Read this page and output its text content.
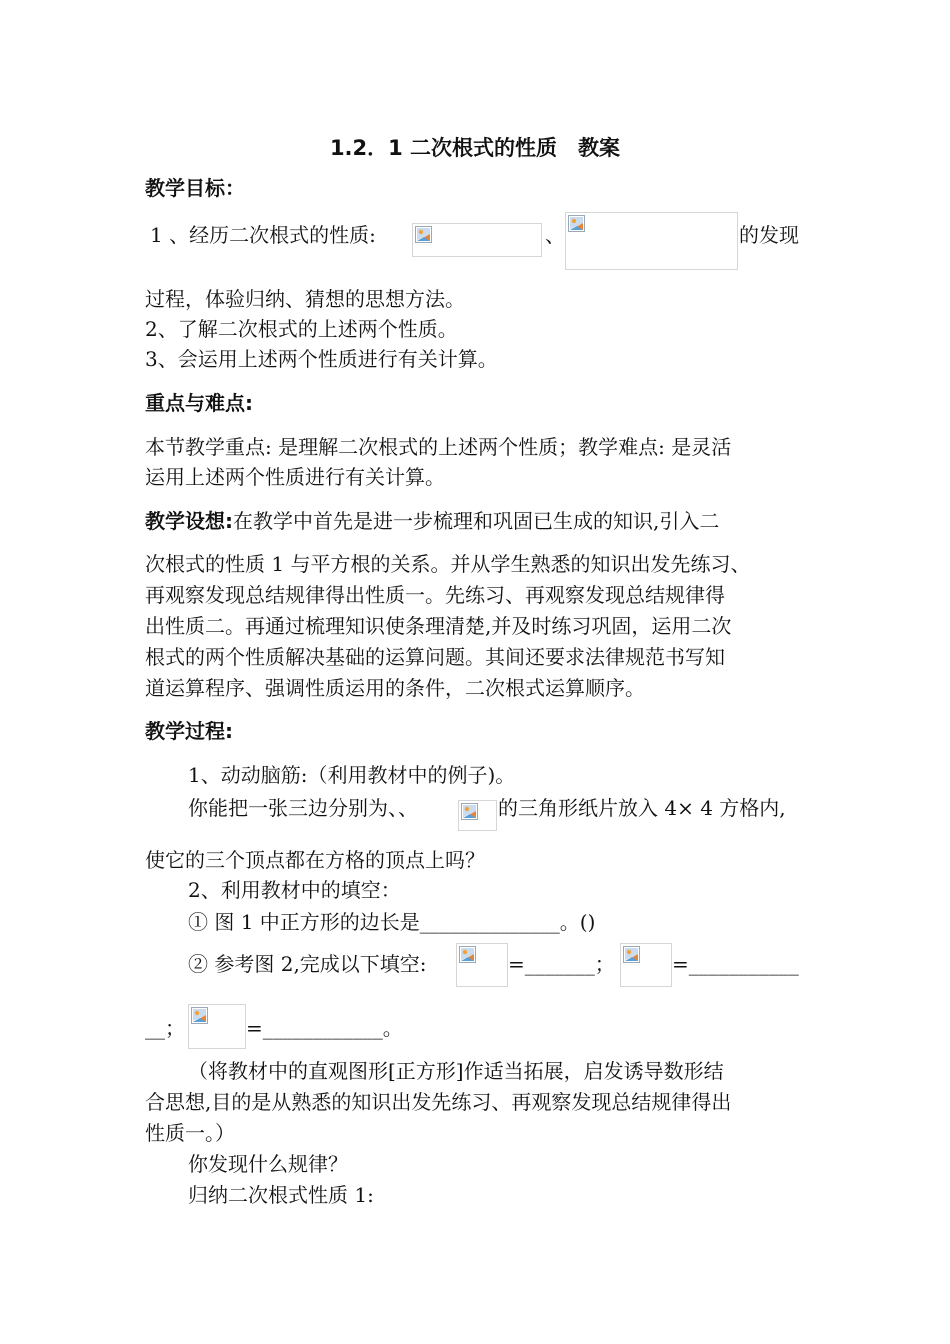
1.2．1 二次根式的性质　教案
教学目标：
1 、经历二次根式的性质:	、	的发现
过程，体验归纳、猜想的思想方法。
2、了解二次根式的上述两个性质。
3、会运用上述两个性质进行有关计算。
重点与难点:
本节教学重点: 是理解二次根式的上述两个性质；教学难点: 是灵活
运用上述两个性质进行有关计算。
教学设想:在教学中首先是进一步梳理和巩固已生成的知识,引入二
次根式的性质 1 与平方根的关系。并从学生熟悉的知识出发先练习、
再观察发现总结规律得出性质一。先练习、再观察发现总结规律得
出性质二。再通过梳理知识使条理清楚,并及时练习巩固，运用二次
根式的两个性质解决基础的运算问题。其间还要求法律规范书写知
道运算程序、强调性质运用的条件，二次根式运算顺序。
教学过程:
1、动动脑筋:（利用教材中的例子)。
你能把一张三边分别为、、	的三角形纸片放入 4× 4 方格内,
使它的三个顶点都在方格的顶点上吗？
2、利用教材中的填空：
① 图 1 中正方形的边长是______________。()
② 参考图 2,完成以下填空:	=_______；	=___________
__；	=____________。
（将教材中的直观图形[正方形]作适当拓展，启发诱导数形结
合思想,目的是从熟悉的知识出发先练习、再观察发现总结规律得出
性质一。）
你发现什么规律？
归纳二次根式性质 1:
